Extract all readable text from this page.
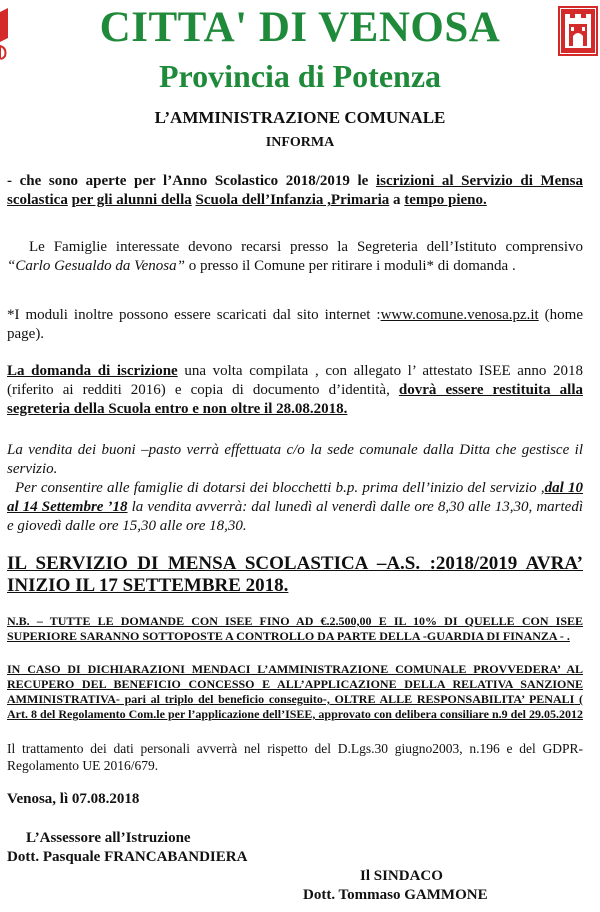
CITTA' DI VENOSA
Provincia di Potenza
L’AMMINISTRAZIONE COMUNALE
INFORMA
- che sono aperte per l’Anno Scolastico 2018/2019 le iscrizioni al Servizio di Mensa scolastica per gli alunni della Scuola dell’Infanzia ,Primaria a tempo pieno.
Le Famiglie interessate devono recarsi presso la Segreteria dell’Istituto comprensivo “Carlo Gesualdo da Venosa” o presso il Comune per ritirare i moduli* di domanda .
*I moduli inoltre possono essere scaricati dal sito internet :www.comune.venosa.pz.it (home page).
La domanda di iscrizione una volta compilata , con allegato l’ attestato ISEE anno 2018 (riferito ai redditi 2016) e copia di documento d’identità, dovrà essere restituita alla segreteria della Scuola entro e non oltre il 28.08.2018.
La vendita dei buoni –pasto verrà effettuata c/o la sede comunale dalla Ditta che gestisce il servizio.
Per consentire alle famiglie di dotarsi dei blocchetti b.p. prima dell’inizio del servizio ,dal 10 al 14 Settembre ’18 la vendita avverrà: dal lunedì al venerdì dalle ore 8,30 alle 13,30, martedì e giovedì dalle ore 15,30 alle ore 18,30.
IL SERVIZIO DI MENSA SCOLASTICA –A.S. :2018/2019 AVRA’ INIZIO IL 17 SETTEMBRE 2018.
N.B. – TUTTE LE DOMANDE CON ISEE FINO AD €.2.500,00 E IL 10% DI QUELLE CON ISEE SUPERIORE SARANNO SOTTOPOSTE A CONTROLLO DA PARTE DELLA -GUARDIA DI FINANZA - .
IN CASO DI DICHIARAZIONI MENDACI L’AMMINISTRAZIONE COMUNALE PROVVEDERA’ AL RECUPERO DEL BENEFICIO CONCESSO E ALL’APPLICAZIONE DELLA RELATIVA SANZIONE AMMINISTRATIVA- pari al triplo del beneficio conseguito-, OLTRE ALLE RESPONSABILITA’ PENALI ( Art. 8 del Regolamento Com.le per l’applicazione dell’ISEE, approvato con delibera consiliare n.9 del 29.05.2012
Il trattamento dei dati personali avverrà nel rispetto del D.Lgs.30 giugno2003, n.196 e del GDPR-Regolamento UE 2016/679.
Venosa, lì 07.08.2018
L’Assessore all’Istruzione
Dott. Pasquale FRANCABANDIERA
Il SINDACO
Dott. Tommaso GAMMONE
